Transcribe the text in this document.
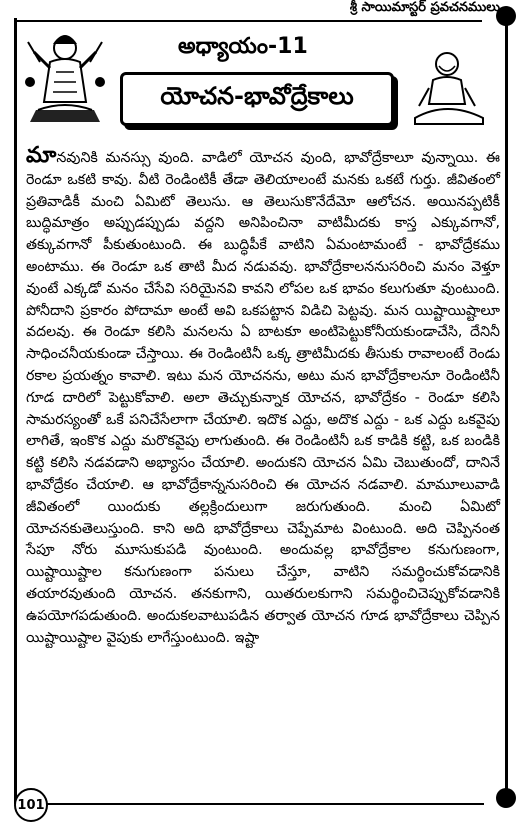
శ్రీ సాయిమాస్టర్ ప్రవచనములు
అధ్యాయం-11
యోచన-భావోద్రేకాలు

మానవునికి మనస్సు వుంది. వాడిలో యోచన వుంది, భావోద్రేకాలూ వున్నాయి. ఈ రెండూ ఒకటి కావు. వీటి రెండింటికీ తేడా తెలియాలంటే మనకు ఒకటే గుర్తు. జీవితంలో ప్రతివాడికీ మంచి ఏమిటో తెలుసు. ఆ తెలుసుకొనేదేమో ఆలోచన. అయినప్పటికీ బుద్ధిమాత్రం అప్పుడప్పుడు వద్దని అనిపించినా వాటిమీదకు కాస్త ఎక్కువగానో, తక్కువగానో పీకుతుంటుంది. ఈ బుద్ధిపీకే వాటిని ఏమంటామంటే - భావోద్రేకము అంటాము. ఈ రెండూ ఒక తాటి మీద నడువవు. భావోద్రేకాలననుసరించి మనం వెళ్తూ వుంటే ఎక్కడో మనం చేసేవి సరియైనవి కావని లోపల ఒక భావం కలుగుతూ వుంటుంది. పోనీదాని ప్రకారం పోదామా అంటే అవి ఒకపట్టాన విడిచి పెట్టవు. మన యిష్టాయిష్టాలూ వదలవు. ఈ రెండూ కలిసి మనలను ఏ బాటకూ అంటిపెట్టుకోనీయకుండాచేసి, దేనినీ సాధించనీయకుండా చేస్తాయి. ఈ రెండింటినీ ఒక్క త్రాటిమీదకు తీసుకు రావాలంటే రెండు రకాల ప్రయత్నం కావాలి. ఇటు మన యోచనను, అటు మన భావోద్రేకాలనూ రెండింటినీ గూడ దారిలో పెట్టుకోవాలి. అలా తెచ్చుకున్నాక యోచన, భావోద్రేకం - రెండూ కలిసి సామరస్యంతో ఒకే పనిచేసేలాగా చేయాలి. ఇదొక ఎద్దు, అదొక ఎద్దు - ఒక ఎద్దు ఒకవైపు లాగితే, ఇంకొక ఎద్దు మరొకవైపు లాగుతుంది. ఈ రెండింటినీ ఒక కాడికి కట్టి, ఒక బండికి కట్టి కలిసి నడవడాని అభ్యాసం చేయాలి. అందుకని యోచన ఏమి చెబుతుందో, దానినే భావోద్రేకం చేయాలి. ఆ భావోద్రేకాన్ననుసరించి ఈ యోచన నడవాలి. మామూలువాడి జీవితంలో యిందుకు తల్లక్రిందులుగా జరుగుతుంది. మంచి ఏమిటో యోచనకుతెలుస్తుంది. కాని అది భావోద్రేకాలు చెప్పేమాట వింటుంది. అది చెప్పినంత సేపూ నోరు మూసుకుపడి వుంటుంది. అందువల్ల భావోద్రేకాల కనుగుణంగా, యిష్టాయిష్టాల కనుగుణంగా పనులు చేస్తూ, వాటిని సమర్థించుకోవడానికి తయారవుతుంది యోచన. తనకుగాని, యితరులకుగాని సమర్థించిచెప్పుకోవడానికి ఉపయోగపడుతుంది. అందుకలవాటుపడిన తర్వాత యోచన గూడ భావోద్రేకాలు చెప్పిన యిష్టాయిష్టాల వైపుకు లాగేస్తుంటుంది. ఇష్టా

101
